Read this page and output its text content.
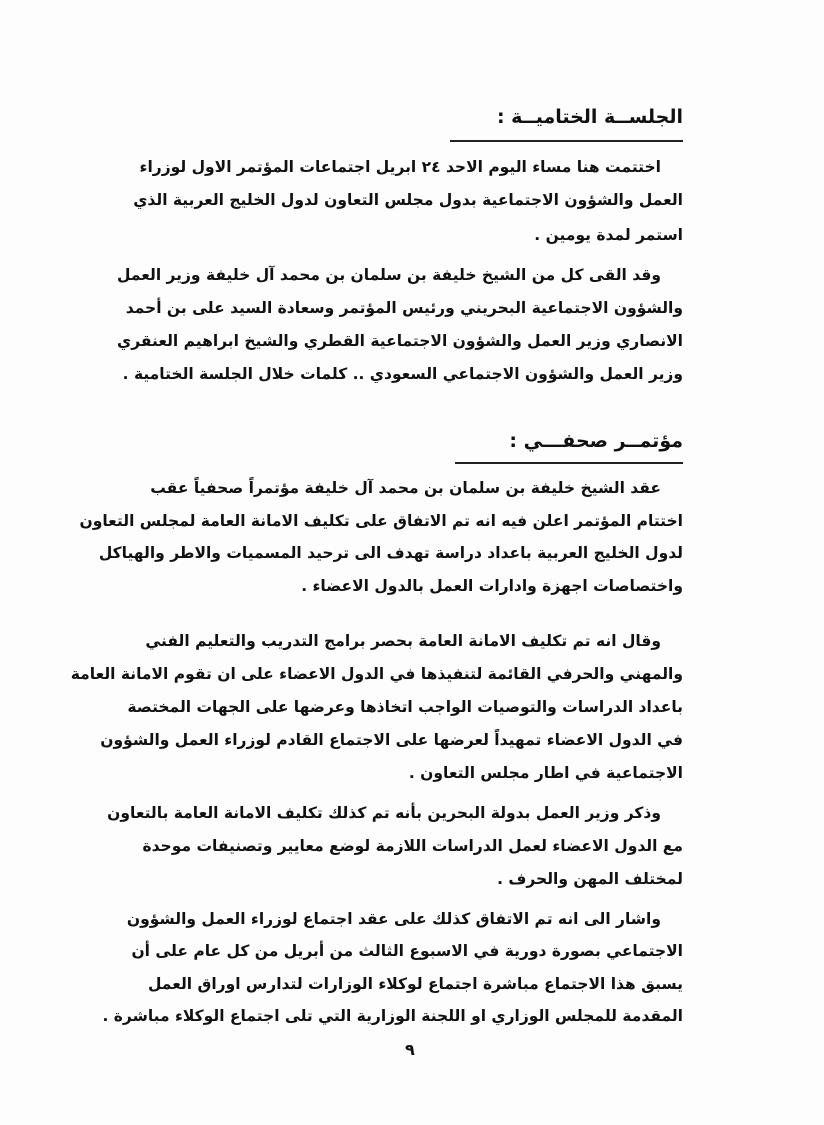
الجلســة الختاميــة :
اختتمت هنا مساء اليوم الاحد ٢٤ ابريل اجتماعات المؤتمر الاول لوزراء
العمل والشؤون الاجتماعية بدول مجلس التعاون لدول الخليج العربية الذي
استمر لمدة يومين .
وقد القى كل من الشيخ خليفة بن سلمان بن محمد آل خليفة وزير العمل
والشؤون الاجتماعية البحريني ورئيس المؤتمر وسعادة السيد على بن أحمد
الانصاري وزير العمل والشؤون الاجتماعية القطري والشيخ ابراهيم العنقري
وزير العمل والشؤون الاجتماعي السعودي .. كلمات خلال الجلسة الختامية .
مؤتمــر صحفـــي :
عقد الشيخ خليفة بن سلمان بن محمد آل خليفة مؤتمراً صحفياً عقب
اختتام المؤتمر اعلن فيه انه تم الاتفاق على تكليف الامانة العامة لمجلس التعاون
لدول الخليج العربية باعداد دراسة تهدف الى ترحيد المسميات والاطر والهياكل
واختصاصات اجهزة وادارات العمل بالدول الاعضاء .
وقال انه تم تكليف الامانة العامة بحصر برامج التدريب والتعليم الفني
والمهني والحرفي القائمة لتنفيذها في الدول الاعضاء على ان تقوم الامانة العامة
باعداد الدراسات والتوصيات الواجب اتخاذها وعرضها على الجهات المختصة
في الدول الاعضاء تمهيداً لعرضها على الاجتماع القادم لوزراء العمل والشؤون
الاجتماعية في اطار مجلس التعاون .
وذكر وزير العمل بدولة البحرين بأنه تم كذلك تكليف الامانة العامة بالتعاون
مع الدول الاعضاء لعمل الدراسات اللازمة لوضع معايير وتصنيفات موحدة
لمختلف المهن والحرف .
واشار الى انه تم الاتفاق كذلك على عقد اجتماع لوزراء العمل والشؤون
الاجتماعي بصورة دورية في الاسبوع الثالث من أبريل من كل عام على أن
يسبق هذا الاجتماع مباشرة اجتماع لوكلاء الوزارات لتدارس اوراق العمل
المقدمة للمجلس الوزاري او اللجنة الوزارية التي تلى اجتماع الوكلاء مباشرة .
٩
